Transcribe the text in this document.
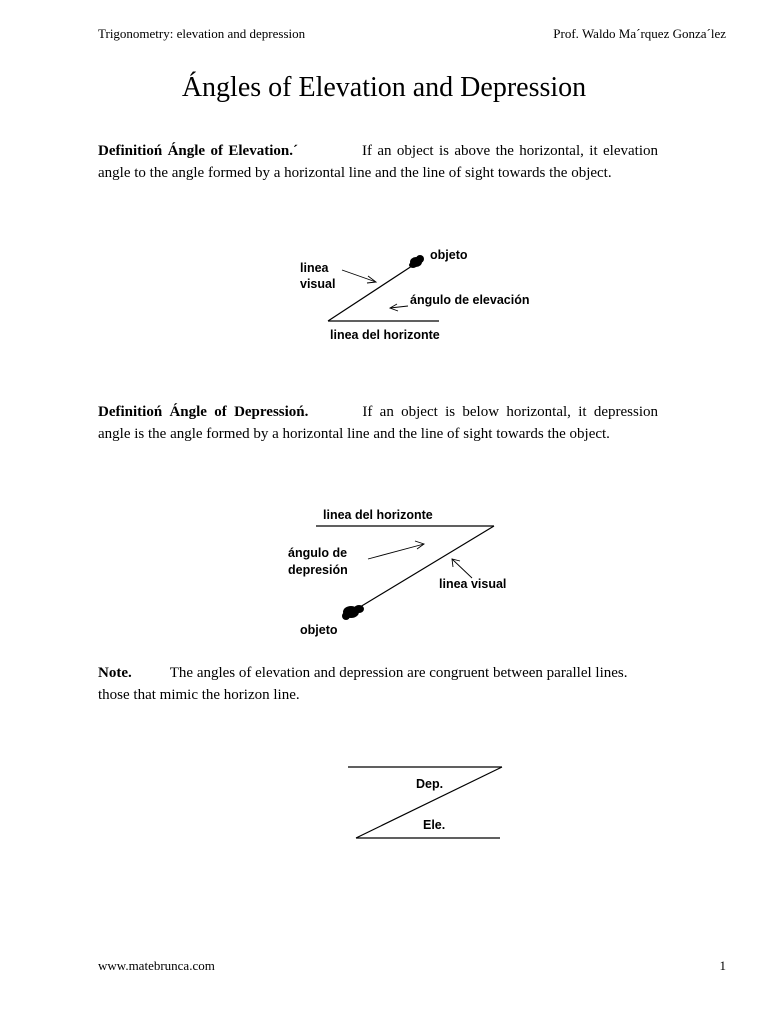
Trigonometry: elevation and depression	Prof. Waldo Ma´rquez Gonza´lez
Ángles of Elevation and Depression
Definitioń Ángle of Elevation.´	If an object is above the horizontal, it elevation angle to the angle formed by a horizontal line and the line of sight towards the object.
linea
visual
objeto
ángulo de elevación
linea del horizonte
Definitioń Ángle of Depressioń.	If an object is below horizontal, it depression angle is the angle formed by a horizontal line and the line of sight towards the object.
linea del horizonte
ángulo de
depresión
linea visual
objeto
Note.	The angles of elevation and depression are congruent between parallel lines.
those that mimic the horizon line.
Dep.
Ele.
www.matebrunca.com	1
